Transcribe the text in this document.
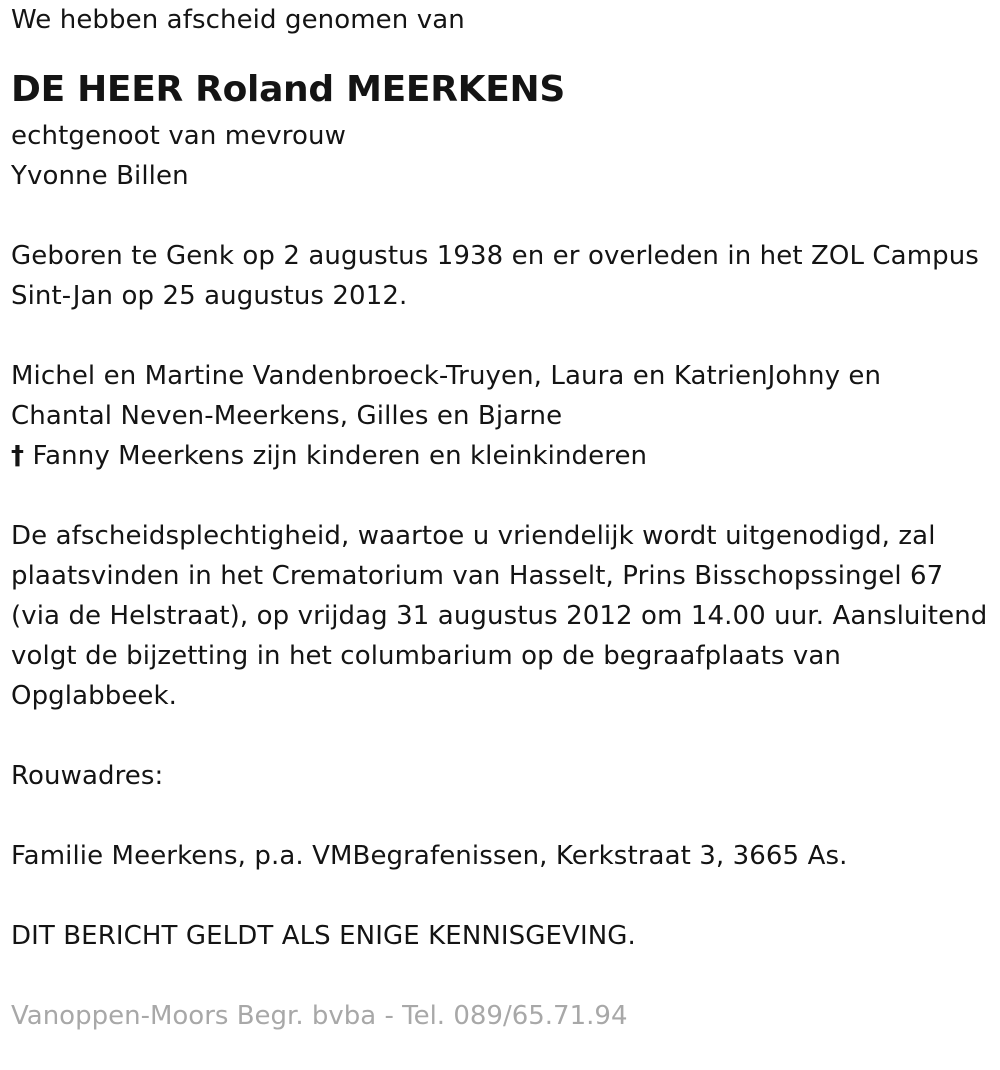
We hebben afscheid genomen van
DE HEER Roland MEERKENS
echtgenoot van mevrouw
Yvonne Billen
Geboren te Genk op 2 augustus 1938 en er overleden in het ZOL Campus
Sint-Jan op 25 augustus 2012.
Michel en Martine Vandenbroeck-Truyen, Laura en KatrienJohny en
Chantal Neven-Meerkens, Gilles en Bjarne
† Fanny Meerkens zijn kinderen en kleinkinderen
De afscheidsplechtigheid, waartoe u vriendelijk wordt uitgenodigd, zal
plaatsvinden in het Crematorium van Hasselt, Prins Bisschopssingel 67
(via de Helstraat), op vrijdag 31 augustus 2012 om 14.00 uur. Aansluitend
volgt de bijzetting in het columbarium op de begraafplaats van
Opglabbeek.
Rouwadres:
Familie Meerkens, p.a. VMBegrafenissen, Kerkstraat 3, 3665 As.
DIT BERICHT GELDT ALS ENIGE KENNISGEVING.
Vanoppen-Moors Begr. bvba - Tel. 089/65.71.94
